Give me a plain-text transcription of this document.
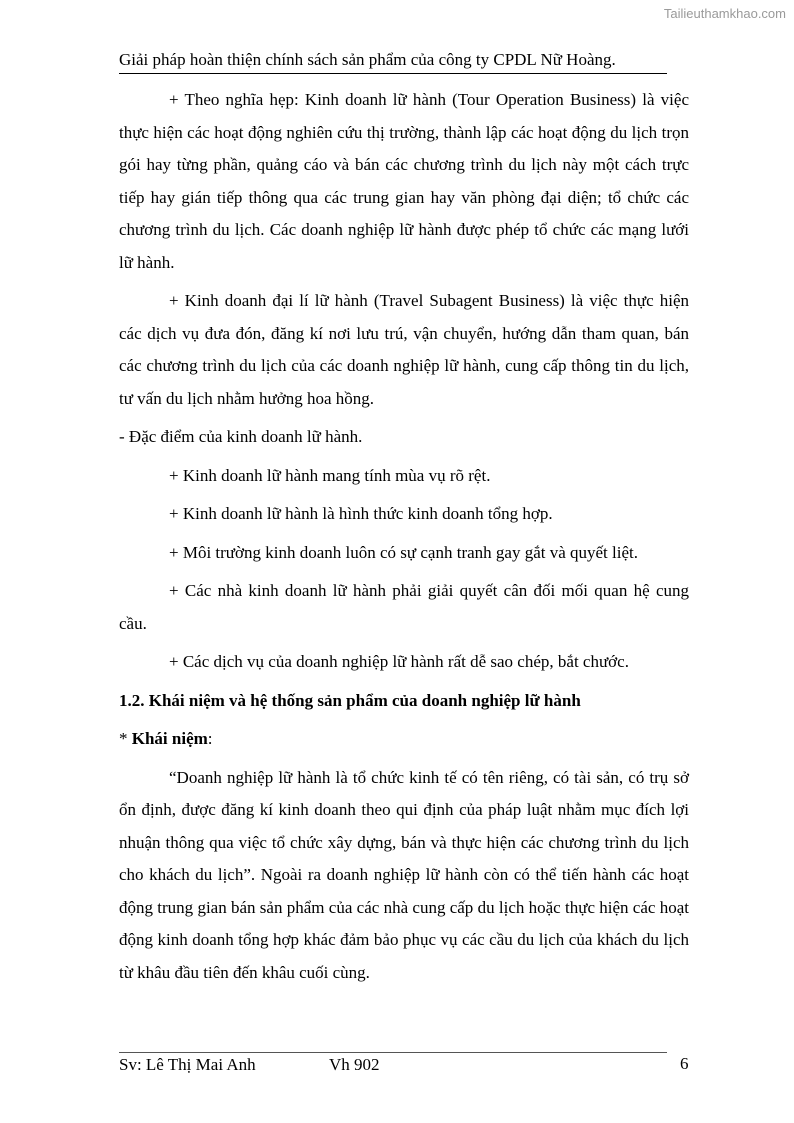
Tailieuthamkhao.com
Giải pháp hoàn thiện chính sách sản phẩm của công ty CPDL Nữ Hoàng.

+ Theo nghĩa hẹp: Kinh doanh lữ hành (Tour Operation Business) là việc thực hiện các hoạt động nghiên cứu thị trường, thành lập các hoạt động du lịch trọn gói hay từng phần, quảng cáo và bán các chương trình du lịch này một cách trực tiếp hay gián tiếp thông qua các trung gian hay văn phòng đại diện; tổ chức các chương trình du lịch. Các doanh nghiệp lữ hành được phép tổ chức các mạng lưới lữ hành.

+ Kinh doanh đại lí lữ hành (Travel Subagent Business) là việc thực hiện các dịch vụ đưa đón, đăng kí nơi lưu trú, vận chuyển, hướng dẫn tham quan, bán các chương trình du lịch của các doanh nghiệp lữ hành, cung cấp thông tin du lịch, tư vấn du lịch nhằm hưởng hoa hồng.

- Đặc điểm của kinh doanh lữ hành.

+ Kinh doanh lữ hành mang tính mùa vụ rõ rệt.

+ Kinh doanh lữ hành là hình thức kinh doanh tổng hợp.

+ Môi trường kinh doanh luôn có sự cạnh tranh gay gắt và quyết liệt.

+ Các nhà kinh doanh lữ hành phải giải quyết cân đối mối quan hệ cung cầu.

+ Các dịch vụ của doanh nghiệp lữ hành rất dễ sao chép, bắt chước.

1.2. Khái niệm và hệ thống sản phẩm của doanh nghiệp lữ hành

* Khái niệm:

“Doanh nghiệp lữ hành là tổ chức kinh tế có tên riêng, có tài sản, có trụ sở ổn định, được đăng kí kinh doanh theo qui định của pháp luật nhằm mục đích lợi nhuận thông qua việc tổ chức xây dựng, bán và thực hiện các chương trình du lịch cho khách du lịch”. Ngoài ra doanh nghiệp lữ hành còn có thể tiến hành các hoạt động trung gian bán sản phẩm của các nhà cung cấp du lịch hoặc thực hiện các hoạt động kinh doanh tổng hợp khác đảm bảo phục vụ các cầu du lịch của khách du lịch từ khâu đầu tiên đến khâu cuối cùng.

Sv: Lê Thị Mai Anh	Vh 902	6
